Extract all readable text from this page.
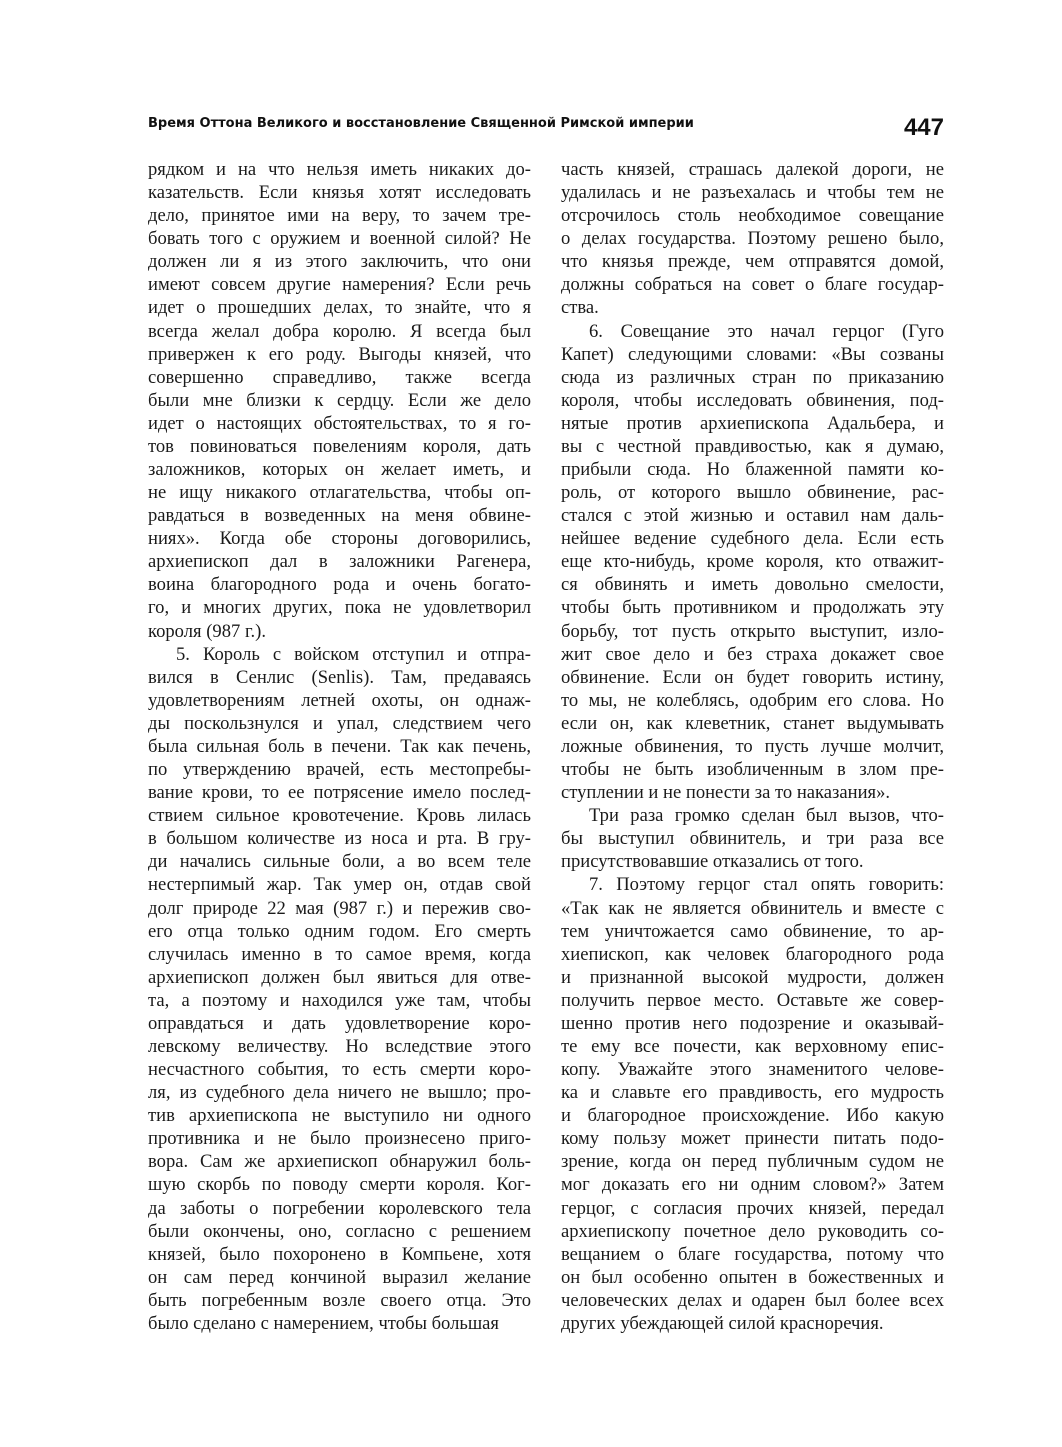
Время Оттона Великого и восстановление Священной Римской империи	447
рядком и на что нельзя иметь никаких до-
казательств. Если князья хотят исследовать
дело, принятое ими на веру, то зачем тре-
бовать того с оружием и военной силой? Не
должен ли я из этого заключить, что они
имеют совсем другие намерения? Если речь
идет о прошедших делах, то знайте, что я
всегда желал добра королю. Я всегда был
привержен к его роду. Выгоды князей, что
совершенно справедливо, также всегда
были мне близки к сердцу. Если же дело
идет о настоящих обстоятельствах, то я го-
тов повиноваться повелениям короля, дать
заложников, которых он желает иметь, и
не ищу никакого отлагательства, чтобы оп-
равдаться в возведенных на меня обвине-
ниях». Когда обе стороны договорились,
архиепископ дал в заложники Рагенера,
воина благородного рода и очень богато-
го, и многих других, пока не удовлетворил
короля (987 г.).
5. Король с войском отступил и отпра-
вился в Сенлис (Senlis). Там, предаваясь
удовлетворениям летней охоты, он однаж-
ды поскользнулся и упал, следствием чего
была сильная боль в печени. Так как печень,
по утверждению врачей, есть местопребы-
вание крови, то ее потрясение имело послед-
ствием сильное кровотечение. Кровь лилась
в большом количестве из носа и рта. В гру-
ди начались сильные боли, а во всем теле
нестерпимый жар. Так умер он, отдав свой
долг природе 22 мая (987 г.) и пережив сво-
его отца только одним годом. Его смерть
случилась именно в то самое время, когда
архиепископ должен был явиться для отве-
та, а поэтому и находился уже там, чтобы
оправдаться и дать удовлетворение коро-
левскому величеству. Но вследствие этого
несчастного события, то есть смерти коро-
ля, из судебного дела ничего не вышло; про-
тив архиепископа не выступило ни одного
противника и не было произнесено приго-
вора. Сам же архиепископ обнаружил боль-
шую скорбь по поводу смерти короля. Ког-
да заботы о погребении королевского тела
были окончены, оно, согласно с решением
князей, было похоронено в Компьене, хотя
он сам перед кончиной выразил желание
быть погребенным возле своего отца. Это
было сделано с намерением, чтобы большая
часть князей, страшась далекой дороги, не
удалилась и не разъехалась и чтобы тем не
отсрочилось столь необходимое совещание
о делах государства. Поэтому решено было,
что князья прежде, чем отправятся домой,
должны собраться на совет о благе государ-
ства.
6. Совещание это начал герцог (Гуго
Капет) следующими словами: «Вы созваны
сюда из различных стран по приказанию
короля, чтобы исследовать обвинения, под-
нятые против архиепископа Адальбера, и
вы с честной правдивостью, как я думаю,
прибыли сюда. Но блаженной памяти ко-
роль, от которого вышло обвинение, рас-
стался с этой жизнью и оставил нам даль-
нейшее ведение судебного дела. Если есть
еще кто-нибудь, кроме короля, кто отважит-
ся обвинять и иметь довольно смелости,
чтобы быть противником и продолжать эту
борьбу, тот пусть открыто выступит, изло-
жит свое дело и без страха докажет свое
обвинение. Если он будет говорить истину,
то мы, не колеблясь, одобрим его слова. Но
если он, как клеветник, станет выдумывать
ложные обвинения, то пусть лучше молчит,
чтобы не быть изобличенным в злом пре-
ступлении и не понести за то наказания».
Три раза громко сделан был вызов, что-
бы выступил обвинитель, и три раза все
присутствовавшие отказались от того.
7. Поэтому герцог стал опять говорить:
«Так как не является обвинитель и вместе с
тем уничтожается само обвинение, то ар-
хиепископ, как человек благородного рода
и признанной высокой мудрости, должен
получить первое место. Оставьте же совер-
шенно против него подозрение и оказывай-
те ему все почести, как верховному епис-
копу. Уважайте этого знаменитого челове-
ка и славьте его правдивость, его мудрость
и благородное происхождение. Ибо какую
кому пользу может принести питать подо-
зрение, когда он перед публичным судом не
мог доказать его ни одним словом?» Затем
герцог, с согласия прочих князей, передал
архиепископу почетное дело руководить со-
вещанием о благе государства, потому что
он был особенно опытен в божественных и
человеческих делах и одарен был более всех
других убеждающей силой красноречия.
